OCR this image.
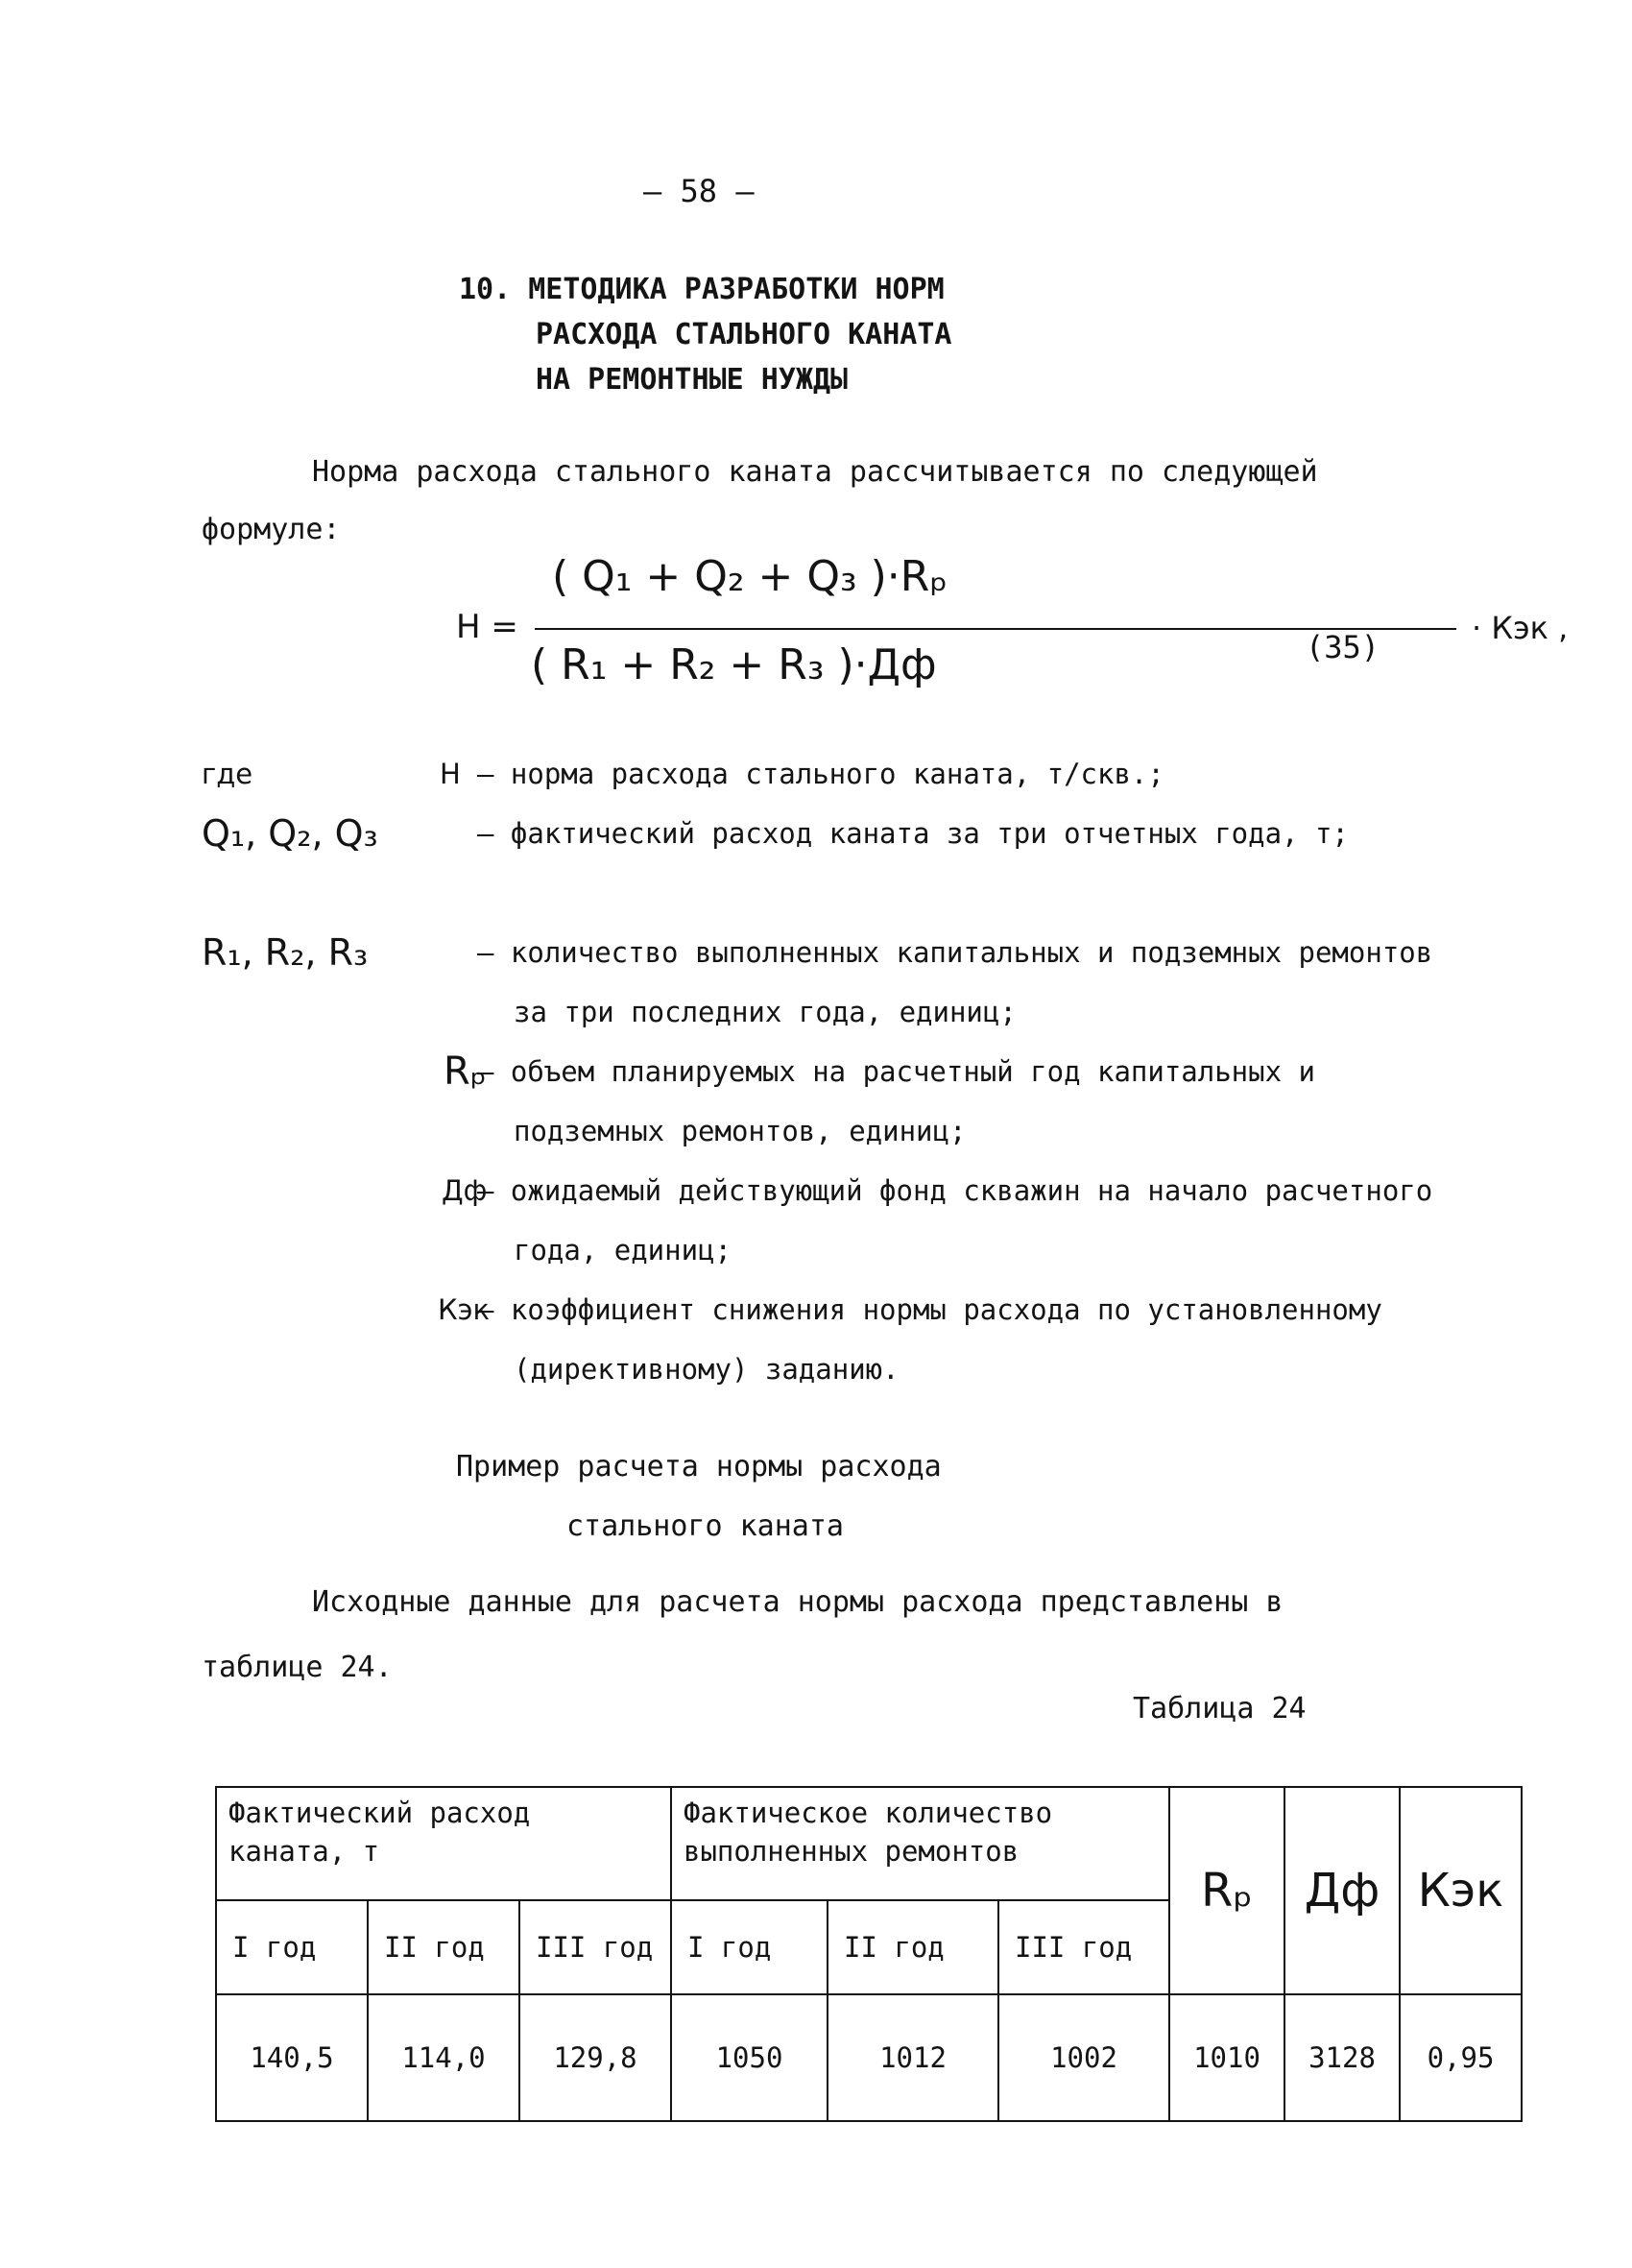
– 58 –
10. МЕТОДИКА РАЗРАБОТКИ НОРМ
РАСХОДА СТАЛЬНОГО КАНАТА
НА РЕМОНТНЫЕ НУЖДЫ
Норма расхода стального каната расcчитывается по следующей
формуле:
Н =
( Q₁ + Q₂ + Q₃ )·Rₚ
( R₁ + R₂ + R₃ )·Дф
· Кэк ,
(35)
где	Н – норма расхода стального каната, т/скв.;
Q₁, Q₂, Q₃	– фактический расход каната за три отчетных года, т;
R₁, R₂, R₃	– количество выполненных капитальных и подземных ремонтов за три последних года, единиц;
Rₚ – объем планируемых на расчетный год капитальных и подземных ремонтов, единиц;
Дф – ожидаемый действующий фонд скважин на начало расчетного года, единиц;
Кэк – коэффициент снижения нормы расхода по установленному (директивному) заданию.
Пример расчета нормы расхода
стального каната
Исходные данные для расчета нормы расхода представлены в
таблице 24.
Таблица 24
Фактический расход каната, т			Фактическое количество выполненных ремонтов			Rₚ	Дф	Кэк
I год	II год	III год	I год	II год	III год			
140,5	114,0	129,8	1050	1012	1002	1010	3128	0,95
